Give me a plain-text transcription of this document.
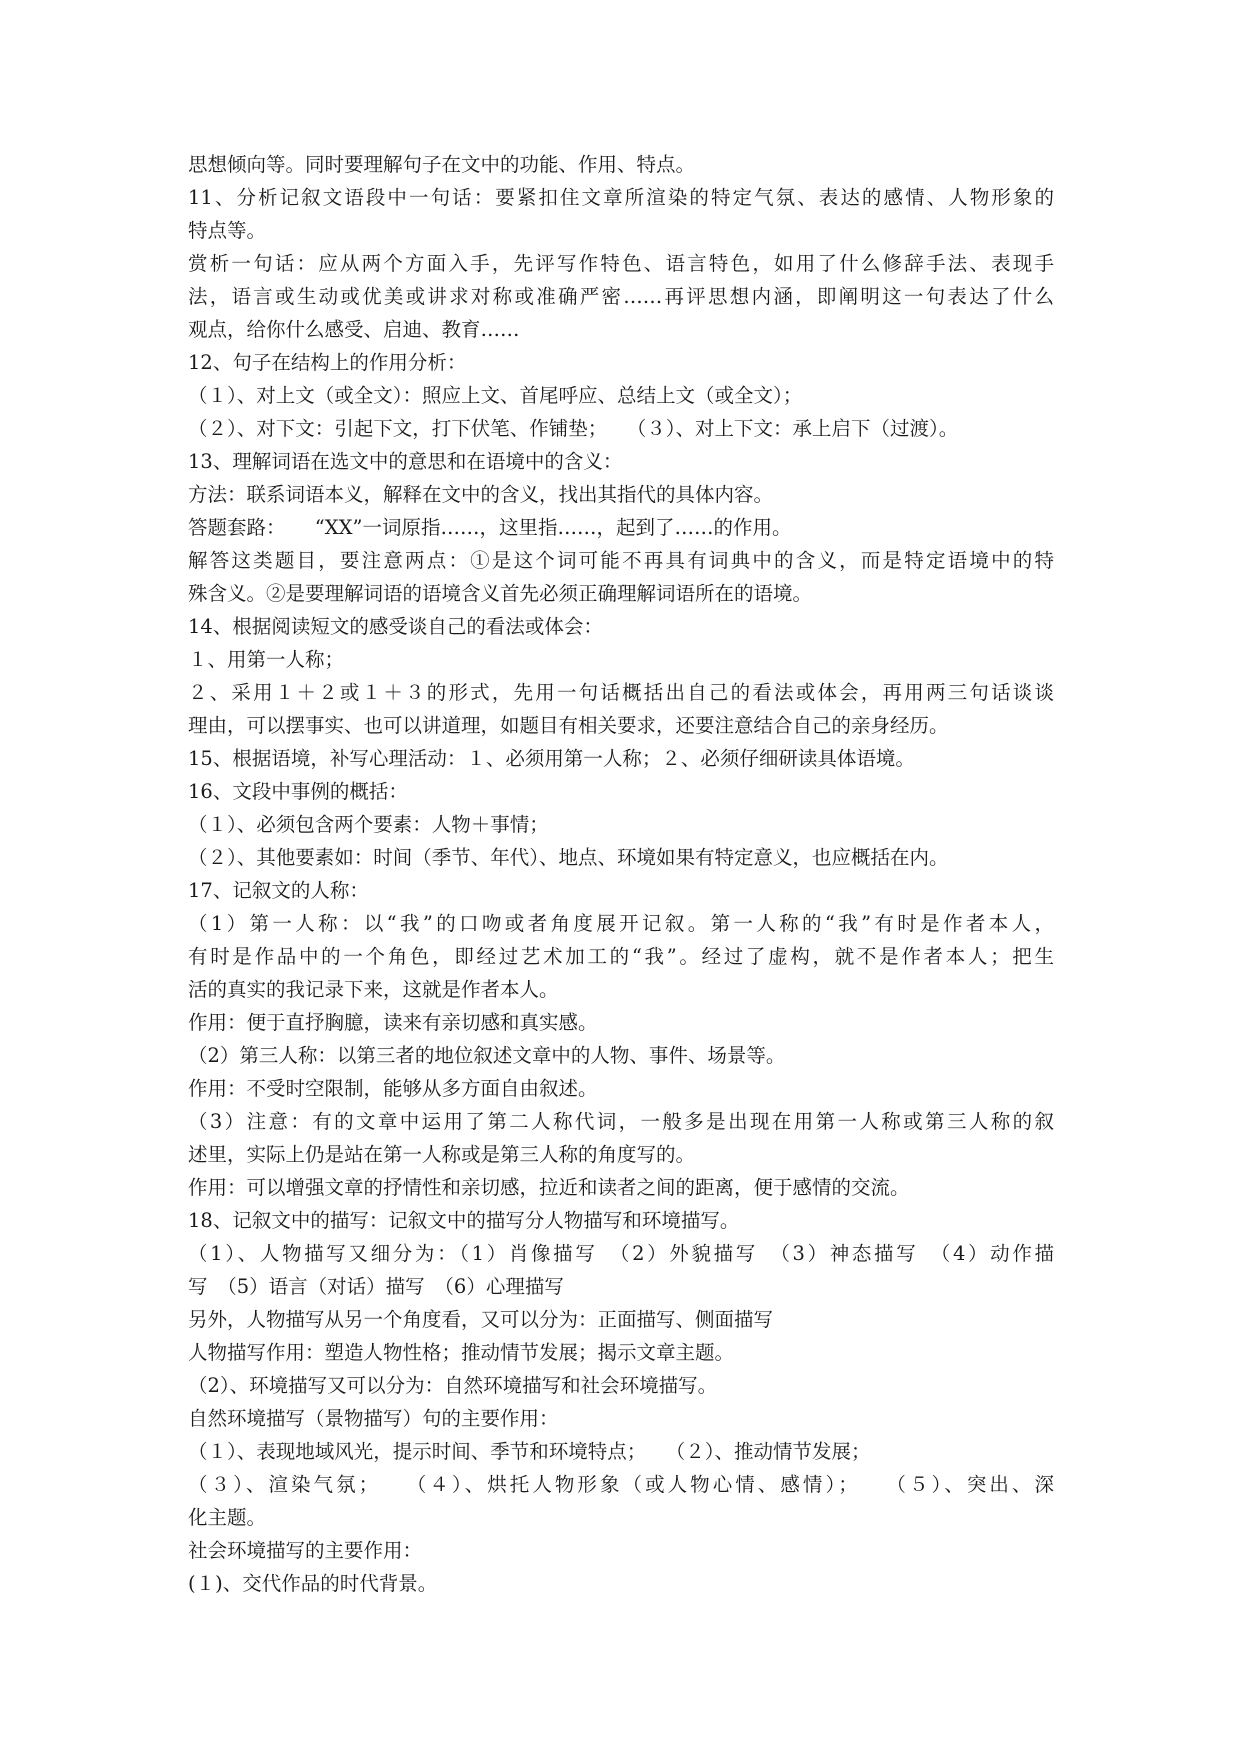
思想倾向等。同时要理解句子在文中的功能、作用、特点。
11、分析记叙文语段中一句话：要紧扣住文章所渲染的特定气氛、表达的感情、人物形象的
特点等。
赏析一句话：应从两个方面入手，先评写作特色、语言特色，如用了什么修辞手法、表现手
法，语言或生动或优美或讲求对称或准确严密……再评思想内涵，即阐明这一句表达了什么
观点，给你什么感受、启迪、教育……
12、句子在结构上的作用分析：
（１）、对上文（或全文）：照应上文、首尾呼应、总结上文（或全文）；
（２）、对下文：引起下文，打下伏笔、作铺垫；　　（３）、对上下文：承上启下（过渡）。
13、理解词语在选文中的意思和在语境中的含义：
方法：联系词语本义，解释在文中的含义，找出其指代的具体内容。
答题套路：　　“XX”一词原指……，这里指……，起到了……的作用。
解答这类题目，要注意两点：①是这个词可能不再具有词典中的含义，而是特定语境中的特
殊含义。②是要理解词语的语境含义首先必须正确理解词语所在的语境。
14、根据阅读短文的感受谈自己的看法或体会：
１、用第一人称；
２、采用１＋２或１＋３的形式，先用一句话概括出自己的看法或体会，再用两三句话谈谈
理由，可以摆事实、也可以讲道理，如题目有相关要求，还要注意结合自己的亲身经历。
15、根据语境，补写心理活动：１、必须用第一人称；２、必须仔细研读具体语境。
16、文段中事例的概括：
（１）、必须包含两个要素：人物＋事情；
（２）、其他要素如：时间（季节、年代）、地点、环境如果有特定意义，也应概括在内。
17、记叙文的人称：
（1）第一人称：以“我”的口吻或者角度展开记叙。第一人称的“我”有时是作者本人，
有时是作品中的一个角色，即经过艺术加工的“我”。经过了虚构，就不是作者本人；把生
活的真实的我记录下来，这就是作者本人。
作用：便于直抒胸臆，读来有亲切感和真实感。
（2）第三人称：以第三者的地位叙述文章中的人物、事件、场景等。
作用：不受时空限制，能够从多方面自由叙述。
（3）注意：有的文章中运用了第二人称代词，一般多是出现在用第一人称或第三人称的叙
述里，实际上仍是站在第一人称或是第三人称的角度写的。
作用：可以增强文章的抒情性和亲切感，拉近和读者之间的距离，便于感情的交流。
18、记叙文中的描写：记叙文中的描写分人物描写和环境描写。
（1）、人物描写又细分为：（1）肖像描写　（2）外貌描写　（3）神态描写　（4）动作描
写　（5）语言（对话）描写　（6）心理描写
另外，人物描写从另一个角度看，又可以分为：正面描写、侧面描写
人物描写作用：塑造人物性格；推动情节发展；揭示文章主题。
（2）、环境描写又可以分为：自然环境描写和社会环境描写。
自然环境描写（景物描写）句的主要作用：
（１）、表现地域风光，提示时间、季节和环境特点；　　（２）、推动情节发展；
（３）、渲染气氛；　　（４）、烘托人物形象（或人物心情、感情）；　　（５）、突出、深
化主题。
社会环境描写的主要作用：
(１)、交代作品的时代背景。
